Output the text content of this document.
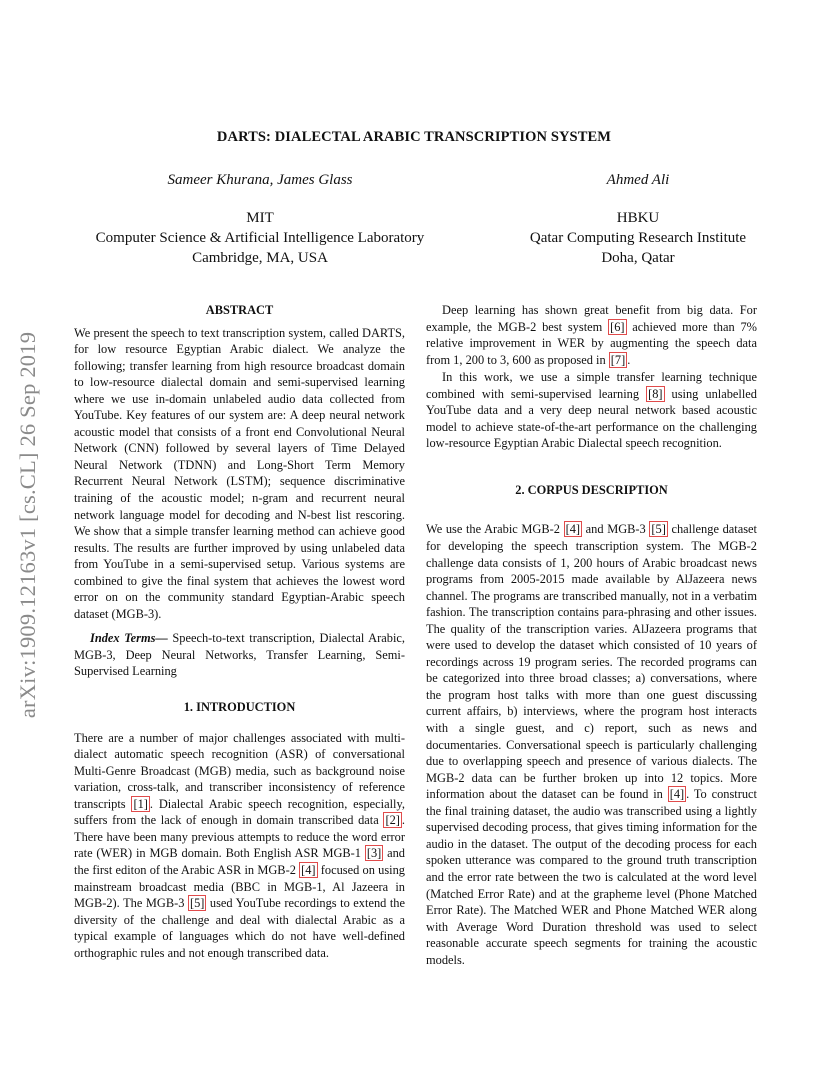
arXiv:1909.12163v1 [cs.CL] 26 Sep 2019
DARTS: DIALECTAL ARABIC TRANSCRIPTION SYSTEM
Sameer Khurana, James Glass
MIT
Computer Science & Artificial Intelligence Laboratory
Cambridge, MA, USA
Ahmed Ali
HBKU
Qatar Computing Research Institute
Doha, Qatar
ABSTRACT

We present the speech to text transcription system, called DARTS, for low resource Egyptian Arabic dialect. We analyze the following; transfer learning from high resource broadcast domain to low-resource dialectal domain and semi-supervised learning where we use in-domain unlabeled audio data collected from YouTube. Key features of our system are: A deep neural network acoustic model that consists of a front end Convolutional Neural Network (CNN) followed by several layers of Time Delayed Neural Network (TDNN) and Long-Short Term Memory Recurrent Neural Network (LSTM); sequence discriminative training of the acoustic model; n-gram and recurrent neural network language model for decoding and N-best list rescoring. We show that a simple transfer learning method can achieve good results. The results are further improved by using unlabeled data from YouTube in a semi-supervised setup. Various systems are combined to give the final system that achieves the lowest word error on on the community standard Egyptian-Arabic speech dataset (MGB-3).

Index Terms— Speech-to-text transcription, Dialectal Arabic, MGB-3, Deep Neural Networks, Transfer Learning, Semi-Supervised Learning

1. INTRODUCTION

There are a number of major challenges associated with multi-dialect automatic speech recognition (ASR) of conversational Multi-Genre Broadcast (MGB) media, such as background noise variation, cross-talk, and transcriber inconsistency of reference transcripts [1] . Dialectal Arabic speech recognition, especially, suffers from the lack of enough in domain transcribed data [2] . There have been many previous attempts to reduce the word error rate (WER) in MGB domain. Both English ASR MGB-1 [3] and the first editon of the Arabic ASR in MGB-2 [4] focused on using mainstream broadcast media (BBC in MGB-1, Al Jazeera in MGB-2). The MGB-3 [5] used YouTube recordings to extend the diversity of the challenge and deal with dialectal Arabic as a typical example of languages which do not have well-defined orthographic rules and not enough transcribed data.

Deep learning has shown great benefit from big data. For example, the MGB-2 best system [6] achieved more than 7% relative improvement in WER by augmenting the speech data from 1, 200 to 3, 600 as proposed in [7] .

In this work, we use a simple transfer learning technique combined with semi-supervised learning [8] using unlabelled YouTube data and a very deep neural network based acoustic model to achieve state-of-the-art performance on the challenging low-resource Egyptian Arabic Dialectal speech recognition.

2. CORPUS DESCRIPTION

We use the Arabic MGB-2 [4] and MGB-3 [5] challenge dataset for developing the speech transcription system. The MGB-2 challenge data consists of 1, 200 hours of Arabic broadcast news programs from 2005-2015 made available by AlJazeera news channel. The programs are transcribed manually, not in a verbatim fashion. The transcription contains para-phrasing and other issues. The quality of the transcription varies. AlJazeera programs that were used to develop the dataset which consisted of 10 years of recordings across 19 program series. The recorded programs can be categorized into three broad classes; a) conversations, where the program host talks with more than one guest discussing current affairs, b) interviews, where the program host interacts with a single guest, and c) report, such as news and documentaries. Conversational speech is particularly challenging due to overlapping speech and presence of various dialects. The MGB-2 data can be further broken up into 12 topics. More information about the dataset can be found in [4] . To construct the final training dataset, the audio was transcribed using a lightly supervised decoding process, that gives timing information for the audio in the dataset. The output of the decoding process for each spoken utterance was compared to the ground truth transcription and the error rate between the two is calculated at the word level (Matched Error Rate) and at the grapheme level (Phone Matched Error Rate). The Matched WER and Phone Matched WER along with Average Word Duration threshold was used to select reasonable accurate speech segments for training the acoustic models.
